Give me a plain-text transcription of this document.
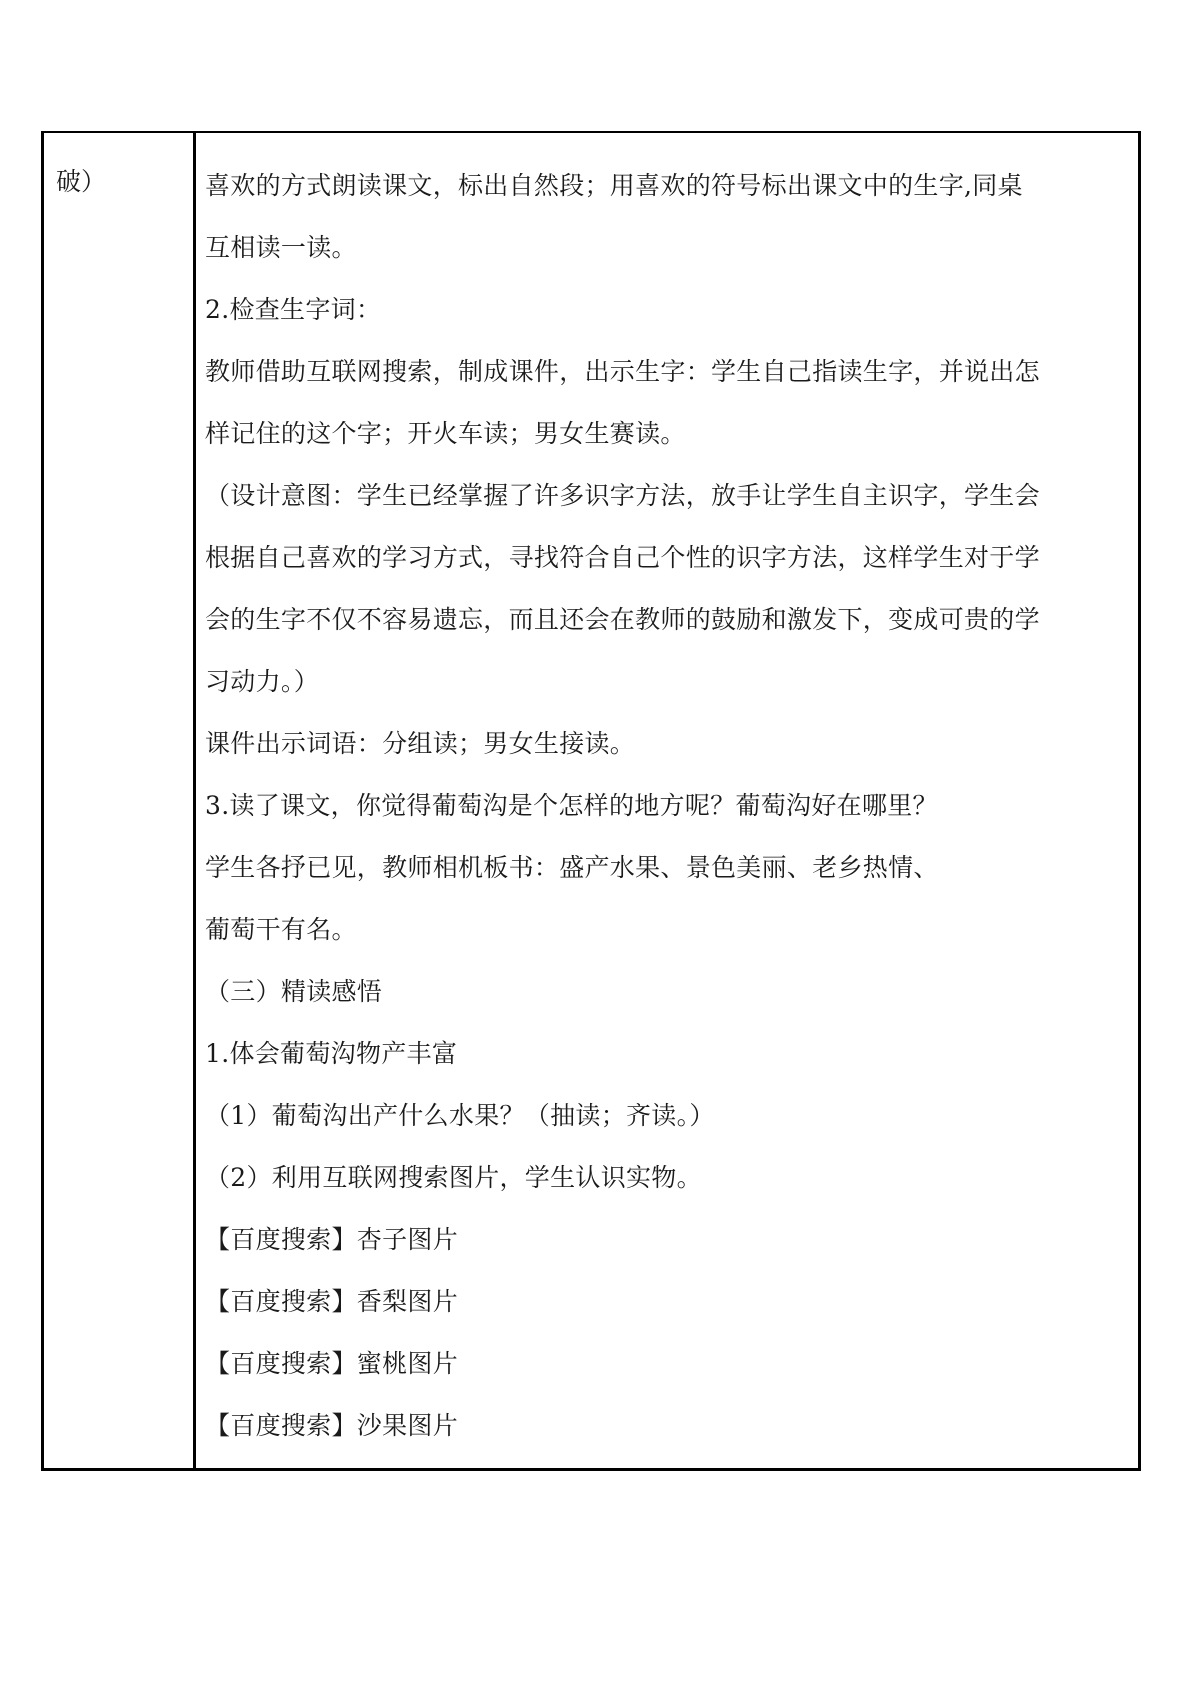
破）	喜欢的方式朗读课文，标出自然段；用喜欢的符号标出课文中的生字,同桌
互相读一读。
2.检查生字词：
教师借助互联网搜索，制成课件，出示生字：学生自己指读生字，并说出怎
样记住的这个字；开火车读；男女生赛读。
（设计意图：学生已经掌握了许多识字方法，放手让学生自主识字，学生会
根据自己喜欢的学习方式，寻找符合自己个性的识字方法，这样学生对于学
会的生字不仅不容易遗忘，而且还会在教师的鼓励和激发下，变成可贵的学
习动力。）
课件出示词语：分组读；男女生接读。
3.读了课文，你觉得葡萄沟是个怎样的地方呢？葡萄沟好在哪里？
学生各抒已见，教师相机板书：盛产水果、景色美丽、老乡热情、
葡萄干有名。
（三）精读感悟
1.体会葡萄沟物产丰富
（1）葡萄沟出产什么水果？（抽读；齐读。）
（2）利用互联网搜索图片，学生认识实物。
【百度搜索】杏子图片
【百度搜索】香梨图片
【百度搜索】蜜桃图片
【百度搜索】沙果图片
